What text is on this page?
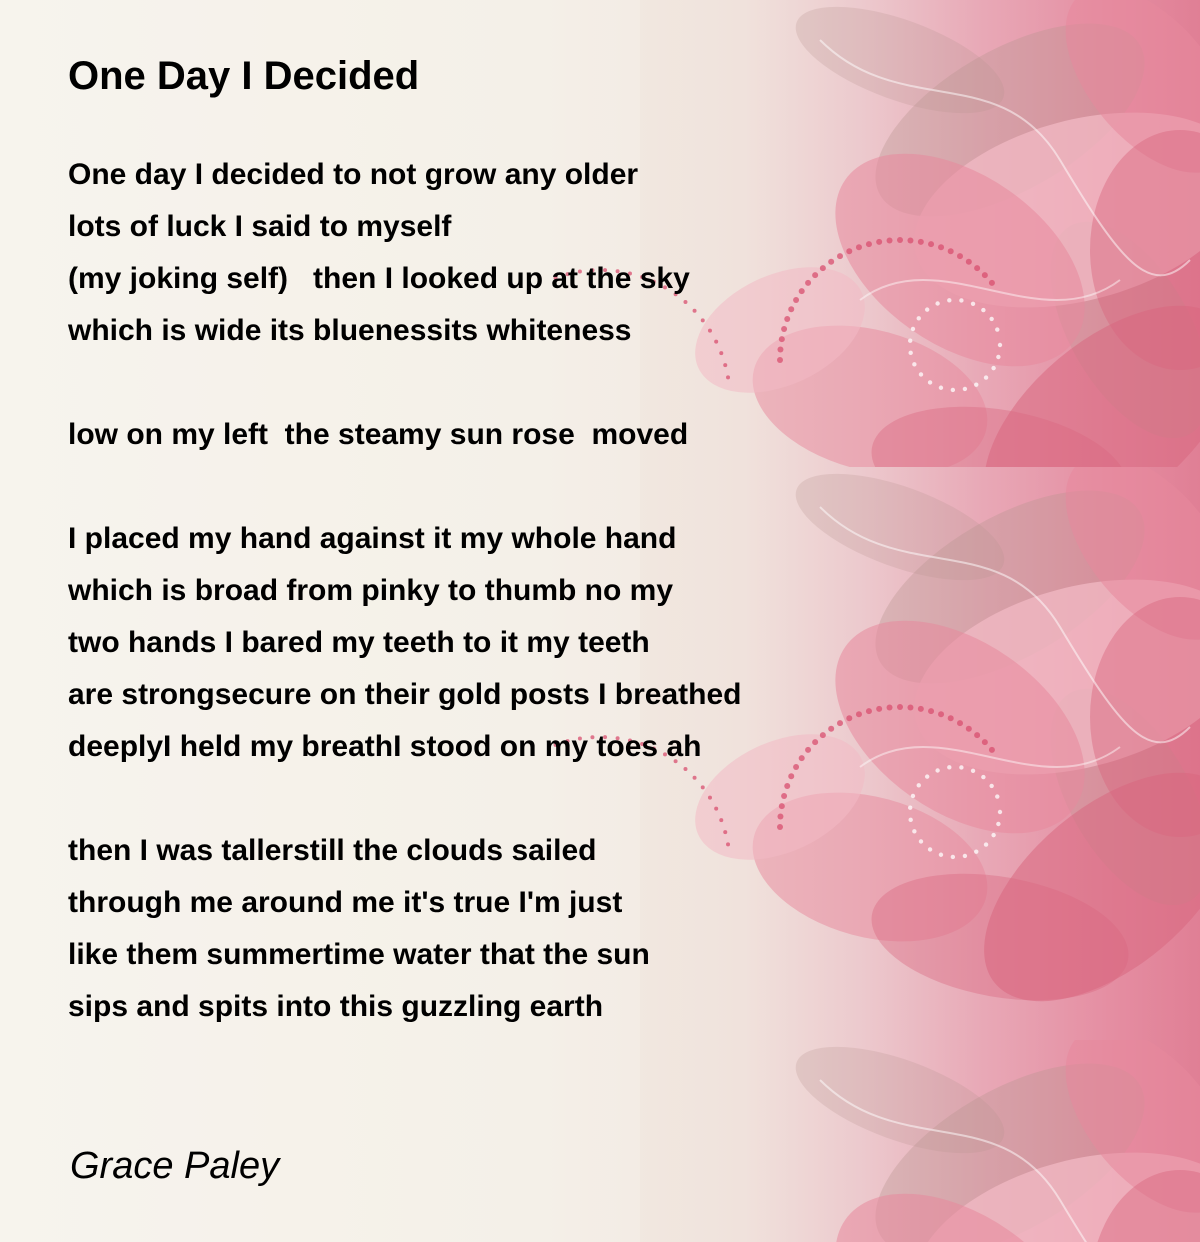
One Day I Decided
One day I decided to not grow any older
lots of luck I said to myself
(my joking self)   then I looked up at the sky
which is wide its bluenessits whiteness
low on my left  the steamy sun rose  moved
I placed my hand against it my whole hand
which is broad from pinky to thumb no my
two hands I bared my teeth to it my teeth
are strongsecure on their gold posts I breathed
deeplyI held my breathI stood on my toes ah
then I was tallerstill the clouds sailed
through me around me it's true I'm just
like them summertime water that the sun
sips and spits into this guzzling earth

Grace Paley
